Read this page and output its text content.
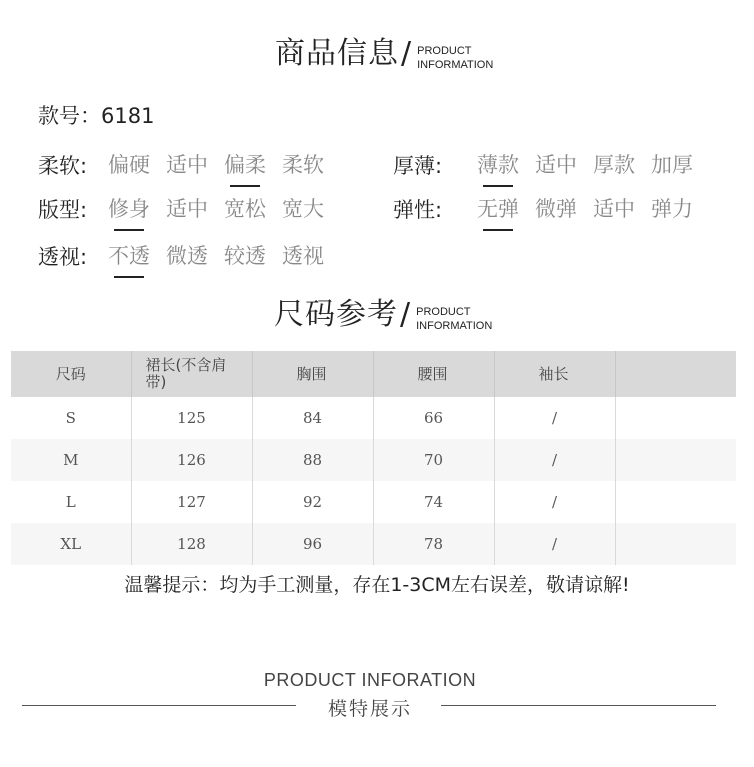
商品信息 / PRODUCT
INFORMATION
款号：6181
柔软: 偏硬 适中 偏柔 柔软
版型: 修身 适中 宽松 宽大
透视: 不透 微透 较透 透视
厚薄:	薄款 适中 厚款 加厚
弹性:	无弹 微弹 适中 弹力
尺码参考 / PRODUCT
INFORMATION
尺码	裙长(不含肩带)	胸围	腰围	袖长	
S	125	84	66	/	
M	126	88	70	/	
L	127	92	74	/	
XL	128	96	78	/	
温馨提示：均为手工测量，存在1-3CM左右误差，敬请谅解!
PRODUCT INFORATION
模特展示
